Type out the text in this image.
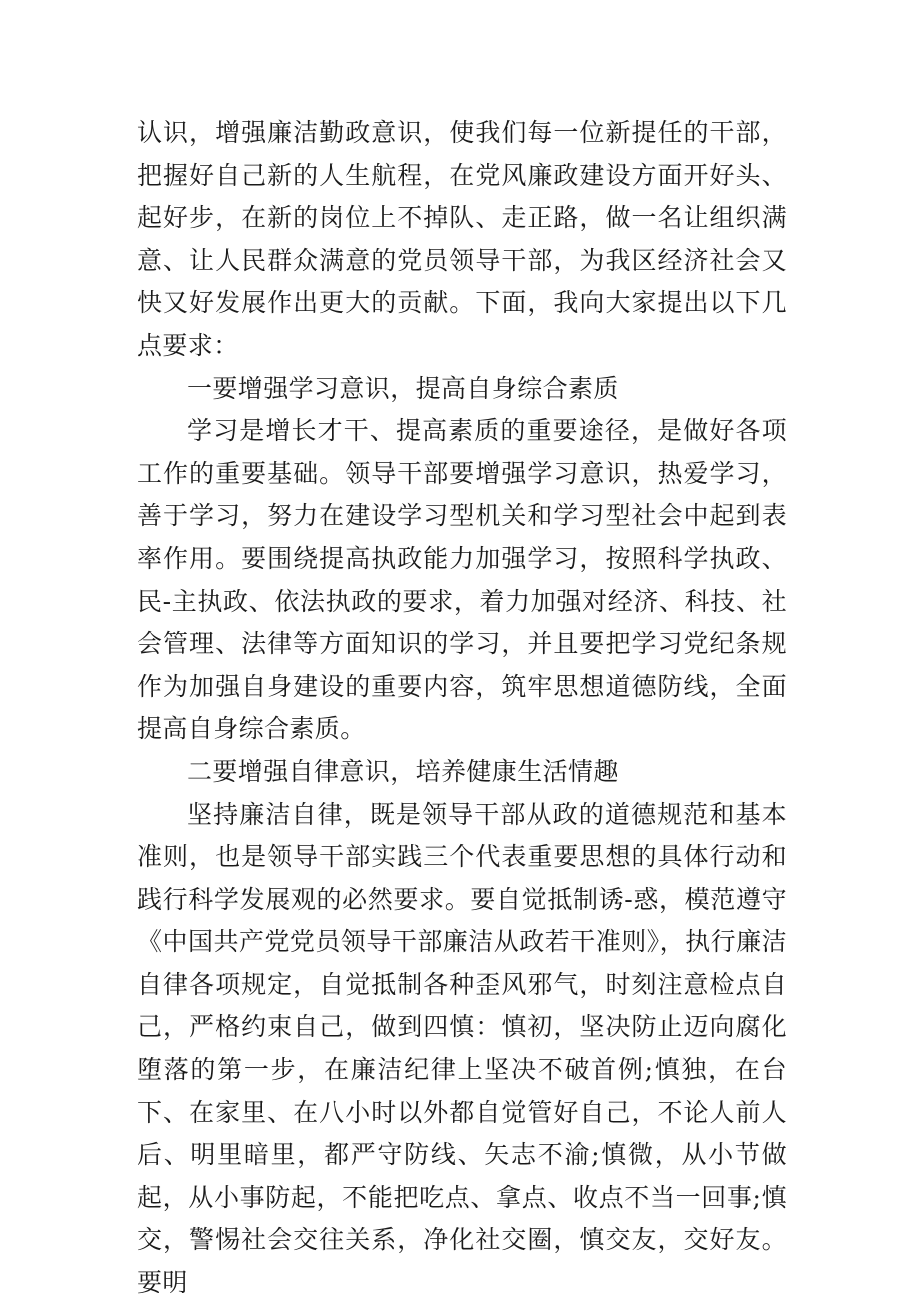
认识，增强廉洁勤政意识，使我们每一位新提任的干部，把握好自己新的人生航程，在党风廉政建设方面开好头、起好步，在新的岗位上不掉队、走正路，做一名让组织满意、让人民群众满意的党员领导干部，为我区经济社会又快又好发展作出更大的贡献。下面，我向大家提出以下几点要求：

一要增强学习意识，提高自身综合素质

学习是增长才干、提高素质的重要途径，是做好各项工作的重要基础。领导干部要增强学习意识，热爱学习，善于学习，努力在建设学习型机关和学习型社会中起到表率作用。要围绕提高执政能力加强学习，按照科学执政、民-主执政、依法执政的要求，着力加强对经济、科技、社会管理、法律等方面知识的学习，并且要把学习党纪条规作为加强自身建设的重要内容，筑牢思想道德防线，全面提高自身综合素质。

二要增强自律意识，培养健康生活情趣

坚持廉洁自律，既是领导干部从政的道德规范和基本准则，也是领导干部实践三个代表重要思想的具体行动和践行科学发展观的必然要求。要自觉抵制诱-惑，模范遵守《中国共产党党员领导干部廉洁从政若干准则》，执行廉洁自律各项规定，自觉抵制各种歪风邪气，时刻注意检点自己，严格约束自己，做到四慎：慎初，坚决防止迈向腐化堕落的第一步，在廉洁纪律上坚决不破首例;慎独，在台下、在家里、在八小时以外都自觉管好自己，不论人前人后、明里暗里，都严守防线、矢志不渝;慎微，从小节做起，从小事防起，不能把吃点、拿点、收点不当一回事;慎交，警惕社会交往关系，净化社交圈，慎交友，交好友。要明
